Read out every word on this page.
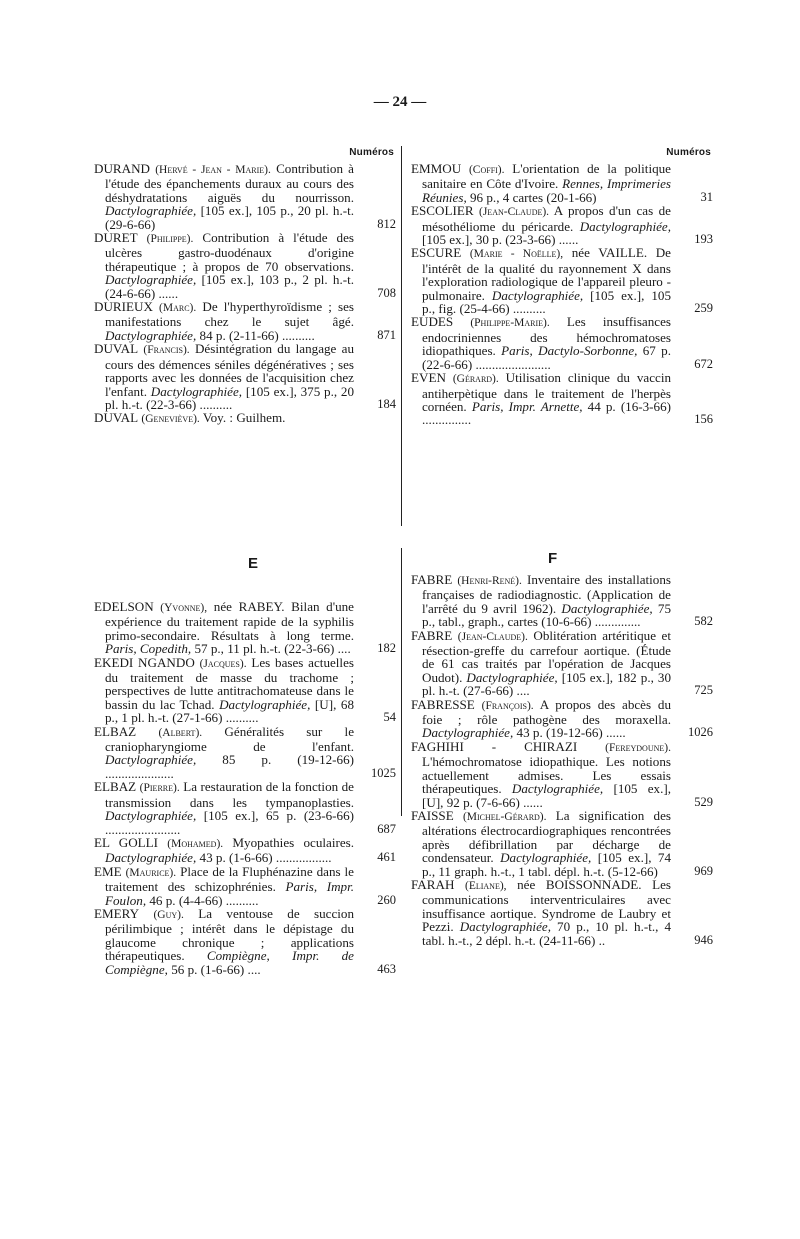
— 24 —
Numéros
DURAND (Hervé - Jean - Marie). Contribution à l'étude des épanchements duraux au cours des déshydratations aiguës du nourrisson. Dactylographiée, [105 ex.], 105 p., 20 pl. h.-t. (29-6-66)	812
DURET (Philippe). Contribution à l'étude des ulcères gastro-duodénaux d'origine thérapeutique ; à propos de 70 observations. Dactylographiée, [105 ex.], 103 p., 2 pl. h.-t. (24-6-66) ......	708
DURIEUX (Marc). De l'hyperthyroïdisme ; ses manifestations chez le sujet âgé. Dactylographiée, 84 p. (2-11-66) ..........	871
DUVAL (Francis). Désintégration du langage au cours des démences séniles dégénératives ; ses rapports avec les données de l'acquisition chez l'enfant. Dactylographiée, [105 ex.], 375 p., 20 pl. h.-t. (22-3-66) ..........	184
DUVAL (Geneviève). Voy. : Guilhem.
Numéros
EMMOU (Coffi). L'orientation de la politique sanitaire en Côte d'Ivoire. Rennes, Imprimeries Réunies, 96 p., 4 cartes (20-1-66)	31
ESCOLIER (Jean-Claude). A propos d'un cas de mésothéliome du péricarde. Dactylographiée, [105 ex.], 30 p. (23-3-66) ......	193
ESCURE (Marie - Noëlle), née VAILLE. De l'intérêt de la qualité du rayonnement X dans l'exploration radiologique de l'appareil pleuro - pulmonaire. Dactylographiée, [105 ex.], 105 p., fig. (25-4-66) ..........	259
EUDES (Philippe-Marie). Les insuffisances endocriniennes des hémochromatoses idiopathiques. Paris, Dactylo-Sorbonne, 67 p. (22-6-66) .......................	672
EVEN (Gérard). Utilisation clinique du vaccin antiherpètique dans le traitement de l'herpès cornéen. Paris, Impr. Arnette, 44 p. (16-3-66) ...............	156
E
EDELSON (Yvonne), née RABEY. Bilan d'une expérience du traitement rapide de la syphilis primo-secondaire. Résultats à long terme. Paris, Copedith, 57 p., 11 pl. h.-t. (22-3-66) .... 182
EKEDI NGANDO (Jacques). Les bases actuelles du traitement de masse du trachome ; perspectives de lutte antitrachomateuse dans le bassin du lac Tchad. Dactylographiée, [U], 68 p., 1 pl. h.-t. (27-1-66) ..........	54
ELBAZ (Albert). Généralités sur le craniopharyngiome de l'enfant. Dactylographiée, 85 p. (19-12-66) .....................	1025
ELBAZ (Pierre). La restauration de la fonction de transmission dans les tympanoplasties. Dactylographiée, [105 ex.], 65 p. (23-6-66) .......................	687
EL GOLLI (Mohamed). Myopathies oculaires. Dactylographiée, 43 p. (1-6-66) .................	461
EME (Maurice). Place de la Fluphénazine dans le traitement des schizophrénies. Paris, Impr. Foulon, 46 p. (4-4-66) ..........	260
EMERY (Guy). La ventouse de succion périlimbique ; intérêt dans le dépistage du glaucome chronique ; applications thérapeutiques. Compiègne, Impr. de Compiègne, 56 p. (1-6-66) ....	463
F
FABRE (Henri-René). Inventaire des installations françaises de radiodiagnostic. (Application de l'arrêté du 9 avril 1962). Dactylographiée, 75 p., tabl., graph., cartes (10-6-66) ..............	582
FABRE (Jean-Claude). Oblitération artéritique et résection-greffe du carrefour aortique. (Étude de 61 cas traités par l'opération de Jacques Oudot). Dactylographiée, [105 ex.], 182 p., 30 pl. h.-t. (27-6-66) ....	725
FABRESSE (François). A propos des abcès du foie ; rôle pathogène des moraxella. Dactylographiée, 43 p. (19-12-66) ......	1026
FAGHIHI - CHIRAZI (Fereydoune). L'hémochromatose idiopathique. Les notions actuellement admises. Les essais thérapeutiques. Dactylographiée, [105 ex.], [U], 92 p. (7-6-66) ......	529
FAISSE (Michel-Gérard). La signification des altérations électrocardiographiques rencontrées après défibrillation par décharge de condensateur. Dactylographiée, [105 ex.], 74 p., 11 graph. h.-t., 1 tabl. dépl. h.-t. (5-12-66)	969
FARAH (Eliane), née BOISSONNADE. Les communications interventriculaires avec insuffisance aortique. Syndrome de Laubry et Pezzi. Dactylographiée, 70 p., 10 pl. h.-t., 4 tabl. h.-t., 2 dépl. h.-t. (24-11-66) ..	946
